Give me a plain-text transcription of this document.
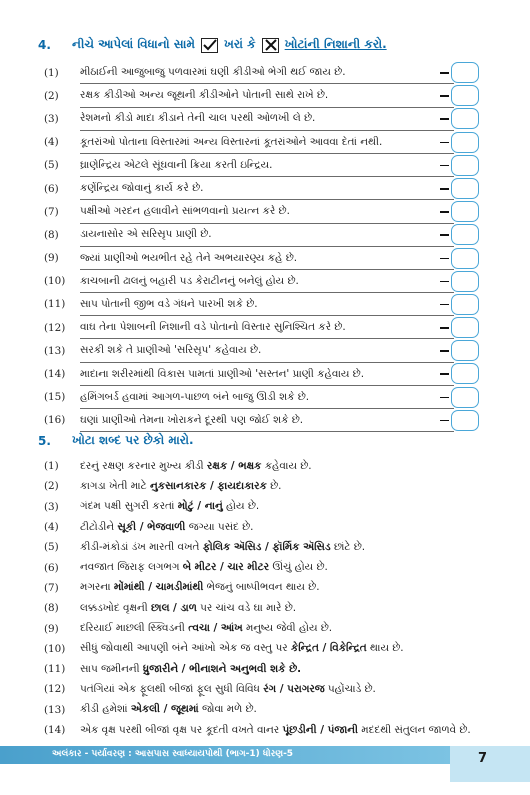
4.	નીચે આપેલાં વિધાનો સામે ખરાં કે ખોટાંની નિશાની કરો.
(1)	મીઠાઈની આજુબાજુ પળવારમાં ઘણી કીડીઓ ભેગી થઈ જાય છે.
(2)	રક્ષક કીડીઓ અન્ય જૂથની કીડીઓને પોતાની સાથે રાખે છે.
(3)	રેશમનો કીડો માદા કીડાને તેની ચાલ પરથી ઓળખી લે છે.
(4)	કૂતરાંઓ પોતાના વિસ્તારમાં અન્ય વિસ્તારનાં કૂતરાંઓને આવવા દેતાં નથી.
(5)	ઘ્રાણેન્દ્રિય એટલે સૂંઘવાની ક્રિયા કરતી ઇન્દ્રિય.
(6)	કર્ણેન્દ્રિય જોવાનું કાર્ય કરે છે.
(7)	પક્ષીઓ ગરદન હલાવીને સાંભળવાનો પ્રયત્ન કરે છે.
(8)	ડાયનાસોર એ સરિસૃપ પ્રાણી છે.
(9)	જ્યાં પ્રાણીઓ ભયભીત રહે તેને અભયારણ્ય કહે છે.
(10)	કાચબાની ઢાલનું બહારી પડ કેરાટીનનું બનેલું હોય છે.
(11)	સાપ પોતાની જીભ વડે ગંધને પારખી શકે છે.
(12)	વાઘ તેના પેશાબની નિશાની વડે પોતાનો વિસ્તાર સુનિશ્ચિત કરે છે.
(13)	સરકી શકે તે પ્રાણીઓ 'સરિસૃપ' કહેવાય છે.
(14)	માદાના શરીરમાંથી વિકાસ પામતાં પ્રાણીઓ 'સસ્તન' પ્રાણી કહેવાય છે.
(15)	હમિંગબર્ડ હવામાં આગળ-પાછળ બંને બાજુ ઊડી શકે છે.
(16)	ઘણાં પ્રાણીઓ તેમના ખોરાકને દૂરથી પણ જોઈ શકે છે.
5.	ખોટા શબ્દ પર છેકો મારો.
(1)	દરનું રક્ષણ કરનાર મુખ્ય કીડી રક્ષક / ભક્ષક કહેવાય છે.
(2)	કાગડા ખેતી માટે નુકસાનકારક / ફાયદાકારક છે.
(3)	ગંદમ પક્ષી સુગરી કરતાં મોટું / નાનું હોય છે.
(4)	ટીટોડીને સૂકી / ભેજવાળી જગ્યા પસંદ છે.
(5)	કીડી-મંકોડાં ડંખ મારતી વખતે ફોલિક ઍસિડ / ફૉર્મિક ઍસિડ છાંટે છે.
(6)	નવજાત જિરાફ લગભગ બે મીટર / ચાર મીટર ઊંચું હોય છે.
(7)	મગરના મોંમાંથી / ચામડીમાંથી ભેજનું બાષ્પીભવન થાય છે.
(8)	લક્કડખોદ વૃક્ષની છાલ / ડાળ પર ચાંચ વડે ઘા મારે છે.
(9)	દરિયાઈ માછલી સ્ક્વિડની ત્વચા / આંખ મનુષ્ય જેવી હોય છે.
(10)	સીધું જોવાથી આપણી બંને આંખો એક જ વસ્તુ પર કેન્દ્રિત / વિકેન્દ્રિત થાય છે.
(11)	સાપ જમીનની ધ્રુજારીને / ભીનાશને અનુભવી શકે છે.
(12)	પતંગિયાં એક ફૂલથી બીજાં ફૂલ સુધી વિવિધ રંગ / પરાગરજ પહોંચાડે છે.
(13)	કીડી હમેશાં એકલી / જૂથમાં જોવા મળે છે.
(14)	એક વૃક્ષ પરથી બીજાં વૃક્ષ પર કૂદતી વખતે વાનર પૂંછડીની / પંજાની મદદથી સંતુલન જાળવે છે.
અલંકાર - પર્યાવરણ : આસપાસ સ્વાધ્યાયપોથી (ભાગ-1) ધોરણ-5	7
